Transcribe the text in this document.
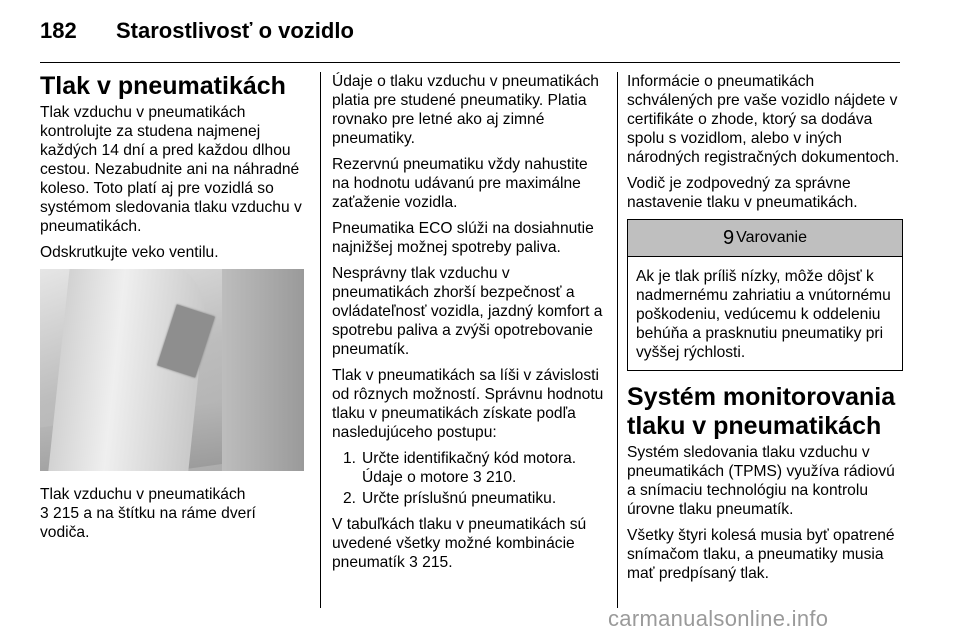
182 Starostlivosť o vozidlo
Tlak v pneumatikách

Tlak vzduchu v pneumatikách kontrolujte za studena najmenej každých 14 dní a pred každou dlhou cestou. Nezabudnite ani na náhradné koleso. Toto platí aj pre vozidlá so systémom sledovania tlaku vzduchu v pneumatikách.

Odskrutkujte veko ventilu.

Tlak vzduchu v pneumatikách
3 215 a na štítku na ráme dverí vodiča.

Údaje o tlaku vzduchu v pneumatikách platia pre studené pneumatiky. Platia rovnako pre letné ako aj zimné pneumatiky.

Rezervnú pneumatiku vždy nahustite na hodnotu udávanú pre maximálne zaťaženie vozidla.

Pneumatika ECO slúži na dosiahnutie najnižšej možnej spotreby paliva.

Nesprávny tlak vzduchu v pneumatikách zhorší bezpečnosť a ovládateľnosť vozidla, jazdný komfort a spotrebu paliva a zvýši opotrebovanie pneumatík.

Tlak v pneumatikách sa líši v závislosti od rôznych možností. Správnu hodnotu tlaku v pneumatikách získate podľa nasledujúceho postupu:

1. Určte identifikačný kód motora. Údaje o motore 3 210.
2. Určte príslušnú pneumatiku.

V tabuľkách tlaku v pneumatikách sú uvedené všetky možné kombinácie pneumatík 3 215.

Informácie o pneumatikách schválených pre vaše vozidlo nájdete v certifikáte o zhode, ktorý sa dodáva spolu s vozidlom, alebo v iných národných registračných dokumentoch.

Vodič je zodpovedný za správne nastavenie tlaku v pneumatikách.

9 Varovanie
Ak je tlak príliš nízky, môže dôjsť k nadmernému zahriatiu a vnútornému poškodeniu, vedúcemu k oddeleniu behúňa a prasknutiu pneumatiky pri vyššej rýchlosti.
Systém monitorovania tlaku v pneumatikách

Systém sledovania tlaku vzduchu v pneumatikách (TPMS) využíva rádiovú a snímaciu technológiu na kontrolu úrovne tlaku pneumatík.

Všetky štyri kolesá musia byť opatrené snímačom tlaku, a pneumatiky musia mať predpísaný tlak.

carmanualsonline.info
